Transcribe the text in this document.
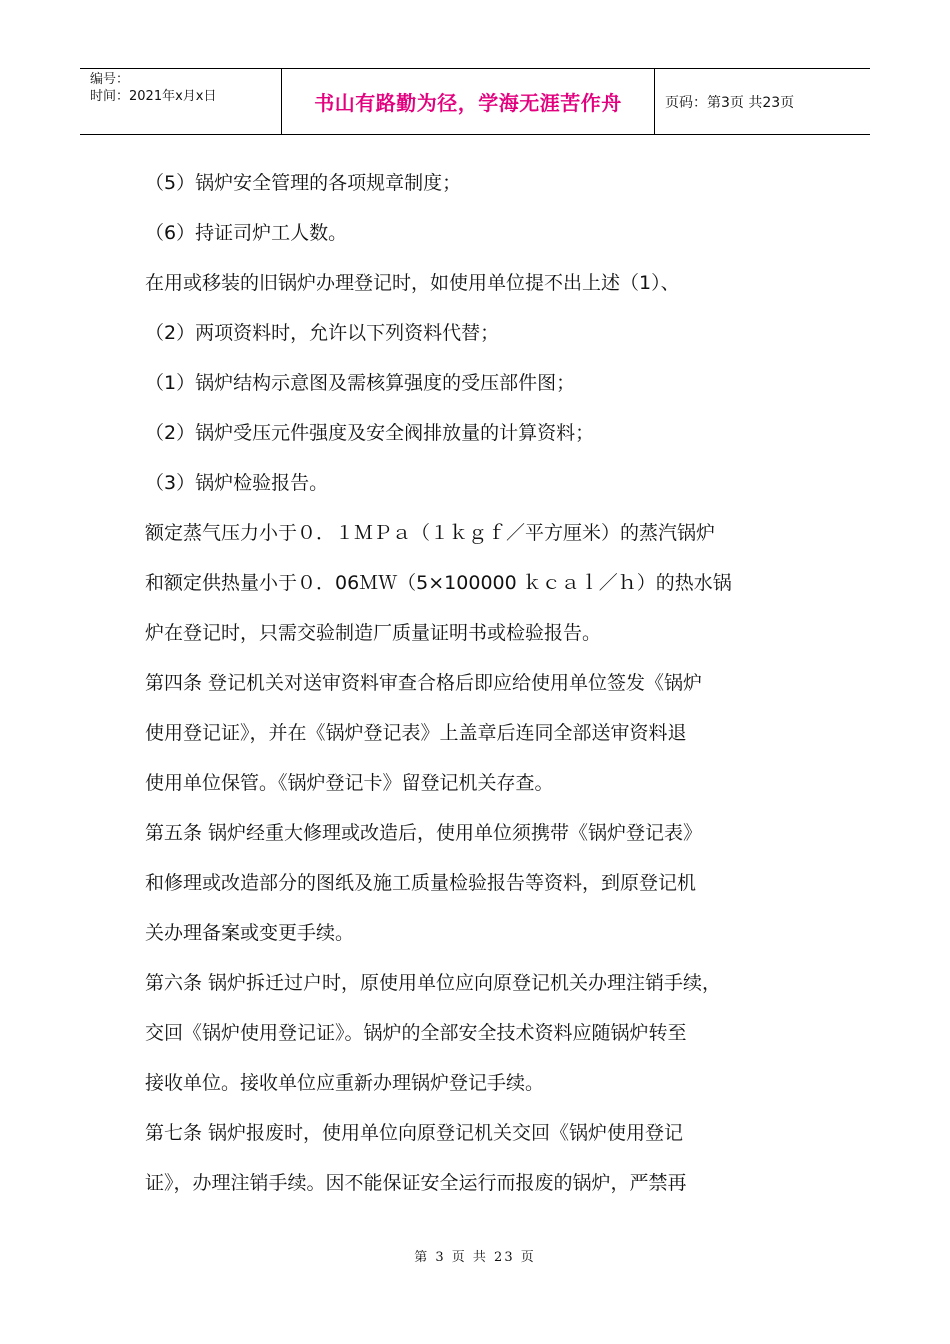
编号：
时间：2021年x月x日	书山有路勤为径，学海无涯苦作舟	页码：第3页 共23页
（5）锅炉安全管理的各项规章制度；
（6）持证司炉工人数。
在用或移装的旧锅炉办理登记时，如使用单位提不出上述（1）、
（2）两项资料时，允许以下列资料代替；
（1）锅炉结构示意图及需核算强度的受压部件图；
（2）锅炉受压元件强度及安全阀排放量的计算资料；
（3）锅炉检验报告。
额定蒸气压力小于０．１ＭＰａ（１ｋｇｆ／平方厘米）的蒸汽锅炉
和额定供热量小于０．06ＭＷ（5×100000 ｋｃａｌ／ｈ）的热水锅
炉在登记时，只需交验制造厂质量证明书或检验报告。
第四条 登记机关对送审资料审查合格后即应给使用单位签发《锅炉
使用登记证》，并在《锅炉登记表》上盖章后连同全部送审资料退
使用单位保管。《锅炉登记卡》留登记机关存查。
第五条 锅炉经重大修理或改造后，使用单位须携带《锅炉登记表》
和修理或改造部分的图纸及施工质量检验报告等资料，到原登记机
关办理备案或变更手续。
第六条 锅炉拆迁过户时，原使用单位应向原登记机关办理注销手续，
交回《锅炉使用登记证》。锅炉的全部安全技术资料应随锅炉转至
接收单位。接收单位应重新办理锅炉登记手续。
第七条 锅炉报废时，使用单位向原登记机关交回《锅炉使用登记
证》，办理注销手续。因不能保证安全运行而报废的锅炉，严禁再
第 3 页 共 23 页
